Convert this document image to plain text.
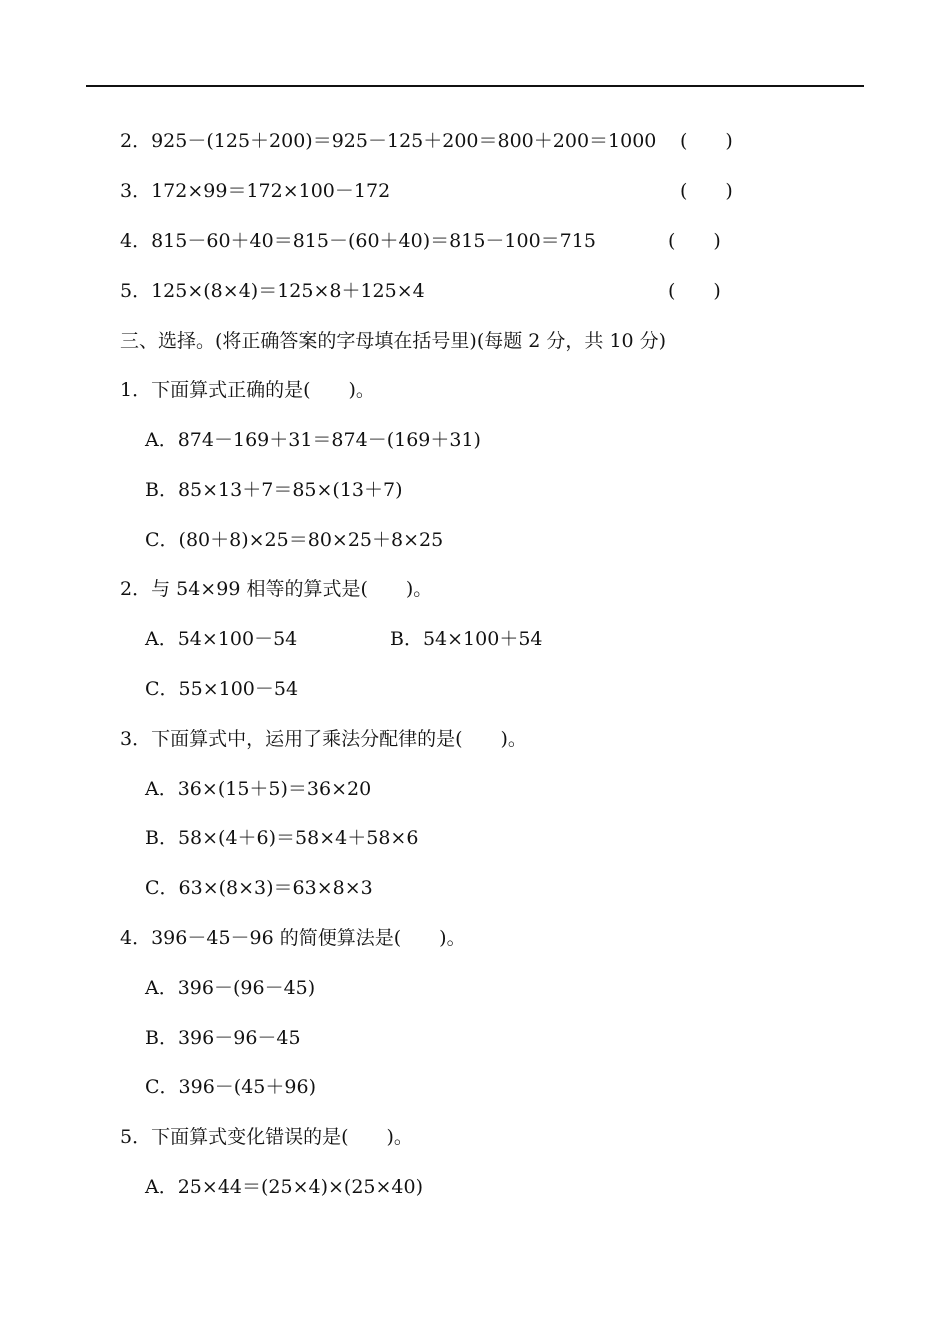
2．925－(125＋200)＝925－125＋200＝800＋200＝1000 (　　)
3．172×99＝172×100－172	(　　)
4．815－60＋40＝815－(60＋40)＝815－100＝715	(　　)
5．125×(8×4)＝125×8＋125×4	(　　)
三、选择。(将正确答案的字母填在括号里)(每题 2 分，共 10 分)
1．下面算式正确的是(　　)。
A．874－169＋31＝874－(169＋31)
B．85×13＋7＝85×(13＋7)
C．(80＋8)×25＝80×25＋8×25
2．与 54×99 相等的算式是(　　)。
A．54×100－54	B．54×100＋54
C．55×100－54
3．下面算式中，运用了乘法分配律的是(　　)。
A．36×(15＋5)＝36×20
B．58×(4＋6)＝58×4＋58×6
C．63×(8×3)＝63×8×3
4．396－45－96 的简便算法是(　　)。
A．396－(96－45)
B．396－96－45
C．396－(45＋96)
5．下面算式变化错误的是(　　)。
A．25×44＝(25×4)×(25×40)
